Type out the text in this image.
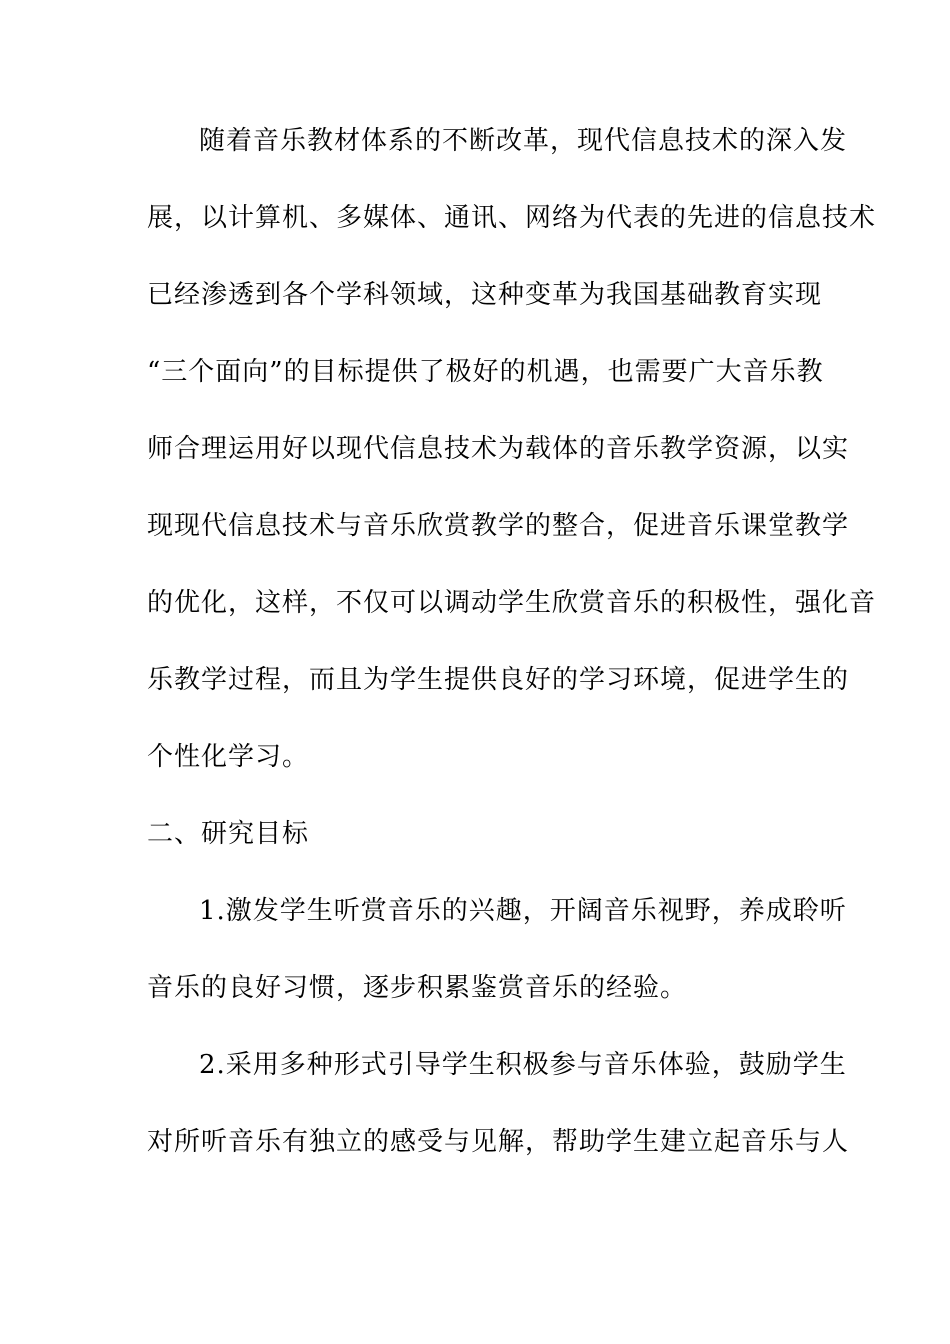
随着音乐教材体系的不断改革，现代信息技术的深入发
展，以计算机、多媒体、通讯、网络为代表的先进的信息技术
已经渗透到各个学科领域，这种变革为我国基础教育实现
“三个面向”的目标提供了极好的机遇，也需要广大音乐教
师合理运用好以现代信息技术为载体的音乐教学资源，以实
现现代信息技术与音乐欣赏教学的整合，促进音乐课堂教学
的优化，这样，不仅可以调动学生欣赏音乐的积极性，强化音
乐教学过程，而且为学生提供良好的学习环境，促进学生的
个性化学习。
二、研究目标
1.激发学生听赏音乐的兴趣，开阔音乐视野，养成聆听
音乐的良好习惯，逐步积累鉴赏音乐的经验。
2.采用多种形式引导学生积极参与音乐体验，鼓励学生
对所听音乐有独立的感受与见解，帮助学生建立起音乐与人
